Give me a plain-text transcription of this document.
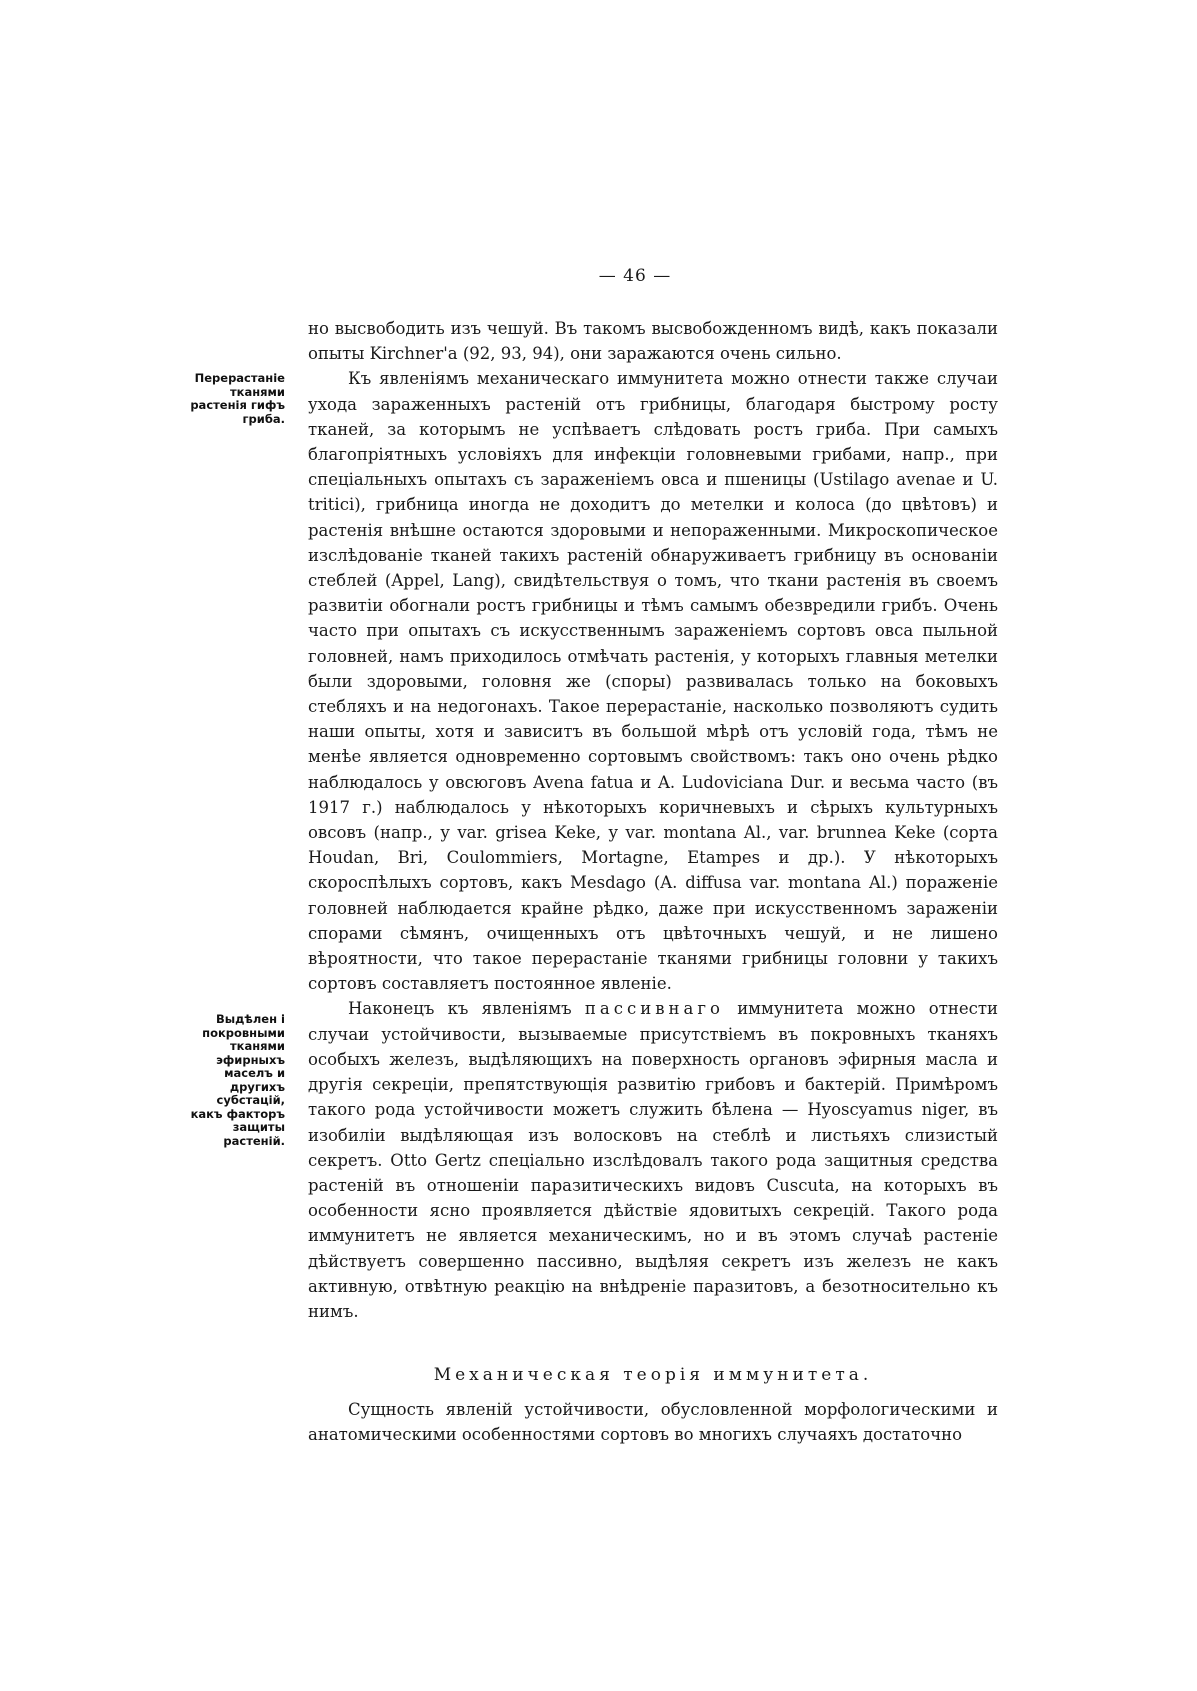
— 46 —
Перерастаніе тканями растенія гифъ гриба.
Выдѣлен і покровными тканями эфирныхъ маселъ и другихъ субстацій, какъ факторъ защиты растеній.

но высвободить изъ чешуй. Въ такомъ высвобожденномъ видѣ, какъ показали опыты Kirchner'a (92, 93, 94), они заражаются очень сильно.

Къ явленіямъ механическаго иммунитета можно отнести также случаи ухода зараженныхъ растеній отъ грибницы, благодаря быстрому росту тканей, за которымъ не успѣваетъ слѣдовать ростъ гриба. При самыхъ благопріятныхъ условіяхъ для инфекціи головневыми грибами, напр., при спеціальныхъ опытахъ съ зараженіемъ овса и пшеницы (Ustilago avenae и U. tritici), грибница иногда не доходитъ до метелки и колоса (до цвѣтовъ) и растенія внѣшне остаются здоровыми и непораженными. Микроскопическое изслѣдованіе тканей такихъ растеній обнаруживаетъ грибницу въ основаніи стеблей (Appel, Lang), свидѣтельствуя о томъ, что ткани растенія въ своемъ развитіи обогнали ростъ грибницы и тѣмъ самымъ обезвредили грибъ. Очень часто при опытахъ съ искусственнымъ зараженіемъ сортовъ овса пыльной головней, намъ приходилось отмѣчать растенія, у которыхъ главныя метелки были здоровыми, головня же (споры) развивалась только на боковыхъ стебляхъ и на недогонахъ. Такое перерастаніе, насколько позволяютъ судить наши опыты, хотя и зависитъ въ большой мѣрѣ отъ условій года, тѣмъ не менѣе является одновременно сортовымъ свойствомъ: такъ оно очень рѣдко наблюдалось у овсюговъ Avena fatua и A. Ludoviciana Dur. и весьма часто (въ 1917 г.) наблюдалось у нѣкоторыхъ коричневыхъ и сѣрыхъ культурныхъ овсовъ (напр., у var. grisea Keke, у var. montana Al., var. brunnea Keke (сорта Houdan, Bri, Coulommiers, Mortagne, Etampes и др.). У нѣкоторыхъ скороспѣлыхъ сортовъ, какъ Mesdago (A. diffusa var. montana Al.) пораженіе головней наблюдается крайне рѣдко, даже при искусственномъ зараженіи спорами сѣмянъ, очищенныхъ отъ цвѣточныхъ чешуй, и не лишено вѣроятности, что такое перерастаніе тканями грибницы головни у такихъ сортовъ составляетъ постоянное явленіе.

Наконецъ къ явленіямъ пассивнаго иммунитета можно отнести случаи устойчивости, вызываемые присутствіемъ въ покровныхъ тканяхъ особыхъ железъ, выдѣляющихъ на поверхность органовъ эфирныя масла и другія секреціи, препятствующія развитію грибовъ и бактерій. Примѣромъ такого рода устойчивости можетъ служить бѣлена — Hyoscyamus niger, въ изобиліи выдѣляющая изъ волосковъ на стеблѣ и листьяхъ слизистый секретъ. Otto Gertz спеціально изслѣдовалъ такого рода защитныя средства растеній въ отношеніи паразитическихъ видовъ Cuscuta, на которыхъ въ особенности ясно проявляется дѣйствіе ядовитыхъ секрецій. Такого рода иммунитетъ не является механическимъ, но и въ этомъ случаѣ растеніе дѣйствуетъ совершенно пассивно, выдѣляя секретъ изъ железъ не какъ активную, отвѣтную реакцію на внѣдреніе паразитовъ, а безотносительно къ нимъ.

Механическая теорія иммунитета.

Сущность явленій устойчивости, обусловленной морфологическими и анатомическими особенностями сортовъ во многихъ случаяхъ достаточно
